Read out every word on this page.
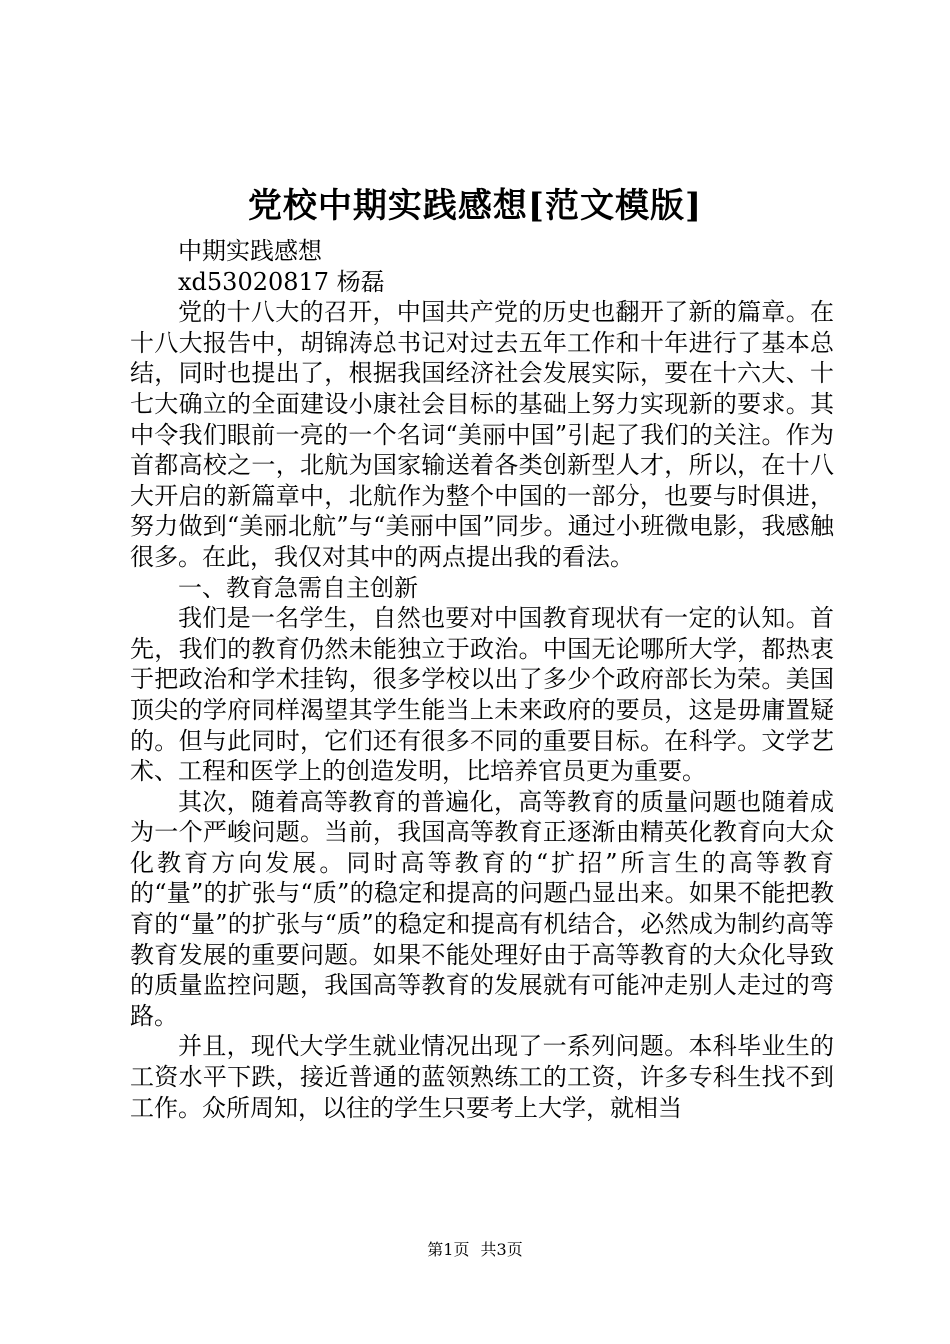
党校中期实践感想[范文模版]

中期实践感想

xd53020817 杨磊

党的十八大的召开，中国共产党的历史也翻开了新的篇章。在十八大报告中，胡锦涛总书记对过去五年工作和十年进行了基本总结，同时也提出了，根据我国经济社会发展实际，要在十六大、十七大确立的全面建设小康社会目标的基础上努力实现新的要求。其中令我们眼前一亮的一个名词“美丽中国”引起了我们的关注。作为首都高校之一，北航为国家输送着各类创新型人才，所以，在十八大开启的新篇章中，北航作为整个中国的一部分，也要与时俱进，努力做到“美丽北航”与“美丽中国”同步。通过小班微电影，我感触很多。在此，我仅对其中的两点提出我的看法。

一、教育急需自主创新

我们是一名学生，自然也要对中国教育现状有一定的认知。首先，我们的教育仍然未能独立于政治。中国无论哪所大学，都热衷于把政治和学术挂钩，很多学校以出了多少个政府部长为荣。美国顶尖的学府同样渴望其学生能当上未来政府的要员，这是毋庸置疑的。但与此同时，它们还有很多不同的重要目标。在科学。文学艺术、工程和医学上的创造发明，比培养官员更为重要。

其次，随着高等教育的普遍化，高等教育的质量问题也随着成为一个严峻问题。当前，我国高等教育正逐渐由精英化教育向大众化教育方向发展。同时高等教育的“扩招”所言生的高等教育的“量”的扩张与“质”的稳定和提高的问题凸显出来。如果不能把教育的“量”的扩张与“质”的稳定和提高有机结合，必然成为制约高等教育发展的重要问题。如果不能处理好由于高等教育的大众化导致的质量监控问题，我国高等教育的发展就有可能冲走别人走过的弯路。

并且，现代大学生就业情况出现了一系列问题。本科毕业生的工资水平下跌，接近普通的蓝领熟练工的工资，许多专科生找不到工作。众所周知，以往的学生只要考上大学，就相当

第1页 共3页
